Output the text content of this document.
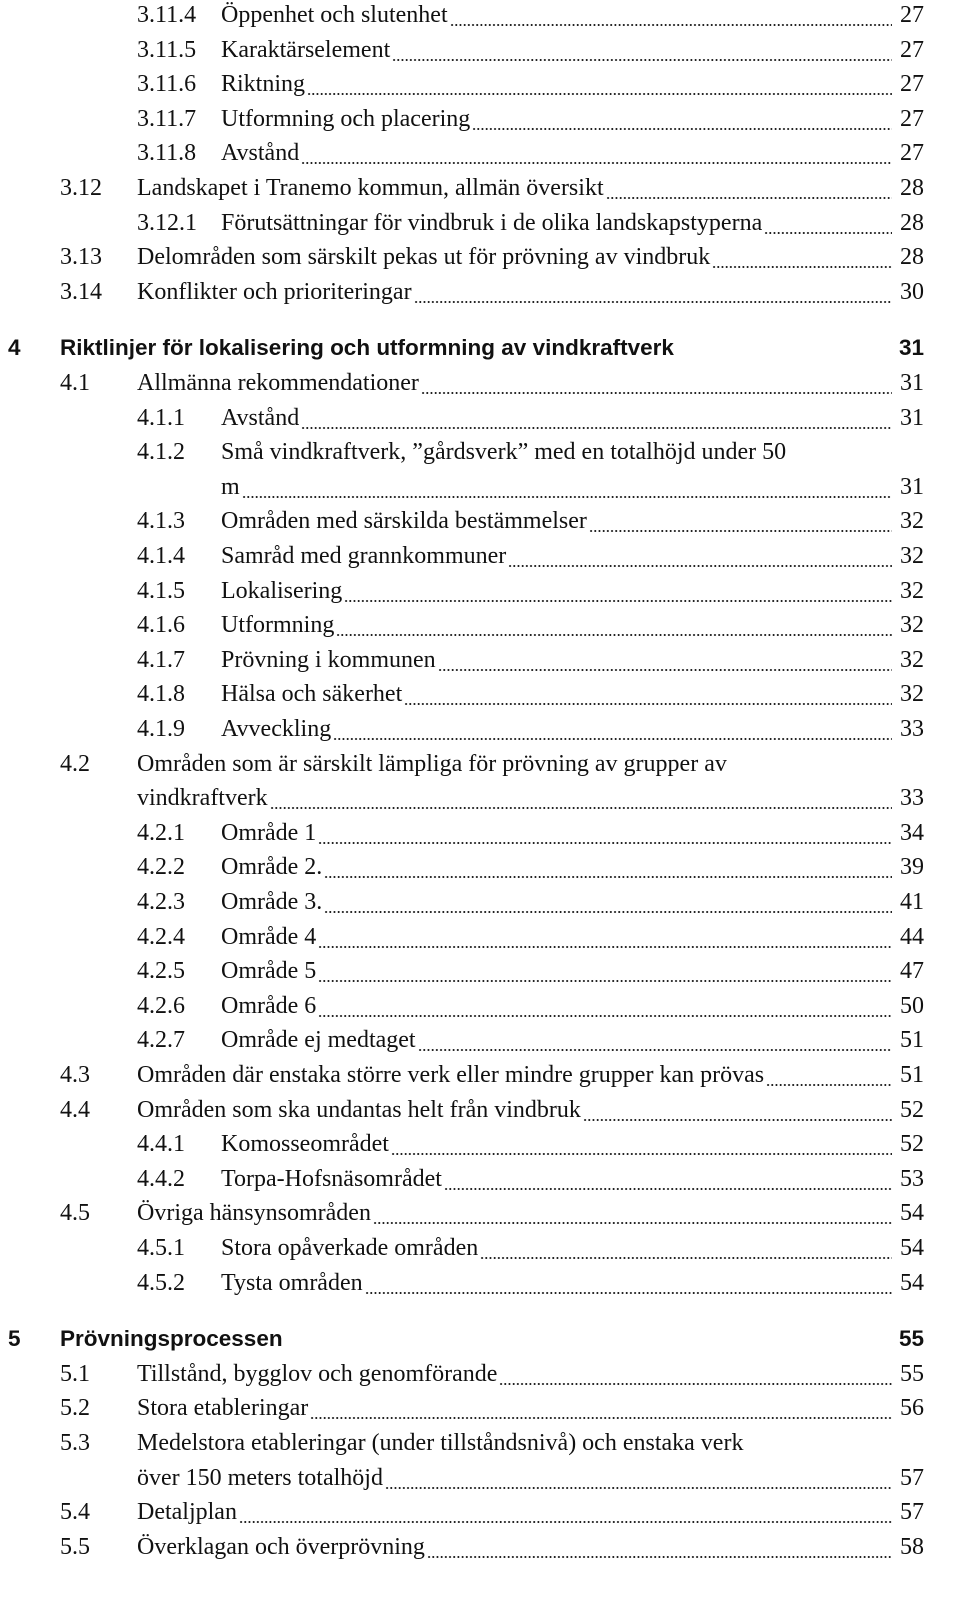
3.11.4 Öppenhet och slutenhet	27
3.11.5 Karaktärselement	27
3.11.6 Riktning	27
3.11.7 Utformning och placering	27
3.11.8 Avstånd	27
3.12 Landskapet i Tranemo kommun, allmän översikt	28
3.12.1 Förutsättningar för vindbruk i de olika landskapstyperna	28
3.13 Delområden som särskilt pekas ut för prövning av vindbruk	28
3.14 Konflikter och prioriteringar	30
4 Riktlinjer för lokalisering och utformning av vindkraftverk	31
4.1 Allmänna rekommendationer	31
4.1.1 Avstånd	31
4.1.2 Små vindkraftverk, ”gårdsverk” med en totalhöjd under 50
m	31
4.1.3 Områden med särskilda bestämmelser	32
4.1.4 Samråd med grannkommuner	32
4.1.5 Lokalisering	32
4.1.6 Utformning	32
4.1.7 Prövning i kommunen	32
4.1.8 Hälsa och säkerhet	32
4.1.9 Avveckling	33
4.2 Områden som är särskilt lämpliga för prövning av grupper av
vindkraftverk	33
4.2.1 Område 1	34
4.2.2 Område 2.	39
4.2.3 Område 3.	41
4.2.4 Område 4	44
4.2.5 Område 5	47
4.2.6 Område 6	50
4.2.7 Område ej medtaget	51
4.3 Områden där enstaka större verk eller mindre grupper kan prövas	51
4.4 Områden som ska undantas helt från vindbruk	52
4.4.1 Komosseområdet	52
4.4.2 Torpa-Hofsnäsområdet	53
4.5 Övriga hänsynsområden	54
4.5.1 Stora opåverkade områden	54
4.5.2 Tysta områden	54
5 Prövningsprocessen	55
5.1 Tillstånd, bygglov och genomförande	55
5.2 Stora etableringar	56
5.3 Medelstora etableringar (under tillståndsnivå) och enstaka verk
över 150 meters totalhöjd	57
5.4 Detaljplan	57
5.5 Överklagan och överprövning	58
